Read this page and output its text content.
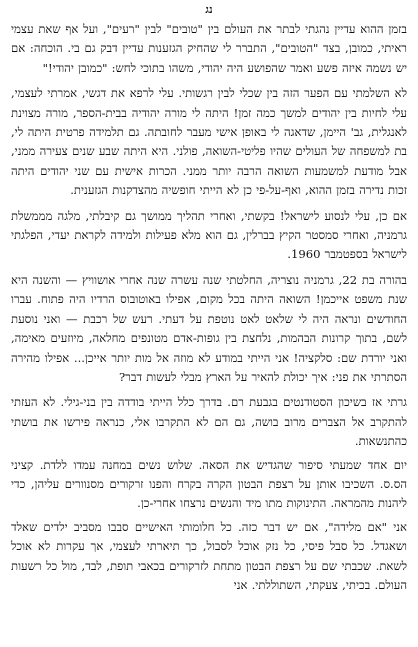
נג

בזמן ההוא עדיין נהגתי לבתר את העולם בין "טובים" לבין "רעים", ועל אף שאת עצמי ראיתי, כמובן, בצד "הטובים", התברר לי שהחיק הגזענות עדיין דבק גם בי. הוכחה: אם יש נשמה איזה פשע ואמר שהפושע היה יהודי, משהו בתוכי לחש: "כמובן יהודי!"

לא השלמתי עם הפער הזה בין שכלי לבין רגשותי. עלי לרפא את דגשי, אמרתי לעצמי, עלי לחיות בין יהודים למשך כמה זמן! היתה לי מורה יהודיה בבית-הספר, מורה מצוינת לאנגלית, גב' היימן, שדאגה לי באופן אישי מעבר לחובתה. גם תלמידה פרטית היתה לי, בת למשפחה של העולים שהיו פליטי-השואה, פולני. היא היתה שבע שנים צעירה ממני, אבל מודעת למשמעות השואה הרבה יותר ממני. הכרות אישית עם שני יהודים היתה זכות נדירה בזמן ההוא, ואף-על-פי כן לא הייתי חופשיה מהצדקנות הגזענית.

אם כן, עלי לנסוע לישראל! בקשתי, ואחרי תהליך ממושך גם קיבלתי, מלגה מממשלת גרמניה, ואחרי סמסטר הקיץ בברלין, גם הוא מלא פעילות ולמידה לקראת יעדי, הפלגתי לישראל בספטמבר 1960.

בהורה בת 22, גרמניה נוצריה, החלטתי שנה עשרה שנה אחרי אושוויץ — והשנה היא שנת משפט אייכמן! השואה היתה בכל מקום, אפילו באוטובוס הרדיו היה פתוח. עברו החודשים ונראה היה לי שלאט לאט נוטפת על דעתי. רעש של רכבת — ואני נוסעת לשם, בתוך קרונות הבהמות, נלחצת בין גופות-אדם מטונפים מחלאה, מיוזעים מאימה, ואני יורדת שם: סלקציה! אני הייתי במודע לא מוזה אל מות יותר אייכן... אפילו מהירה הסתרתי את פני: איך יכולת להאיר על הארץ מבלי לעשות דבר?

גרתי אז בשיכון הסטודנטים בגבעת רם. בדרך כלל הייתי בודדה בין בני-גילי. לא העזתי להתקרב אל הצברים מרוב בושה, גם הם לא התקרבו אלי, כנראה פירשו את בושתי כהתנשאות.

יום אחד שמעתי סיפור שהגדיש את הסאה. שלוש נשים במחנה עמדו ללדת. קציני הס.ס. השכיבו אותן על רצפת הבטון הקרה בקרח והפנו זרקורים מסנוורים עליהן, כדי ליהנות מהמראה. התינוקות מתו מיד והנשים נרצחו אחרי-כן.

אני "אם מלידה", אם יש דבר כזה. כל חלומותי האישיים סבבו מסביב ילדים שאלד ושאגדל. כל סבל פיסי, כל נזק אוכל לסבול, כך תיארתי לעצמי, אך עקרות לא אוכל לשאת. שכבתי שם על רצפת הבטון מתחת לזרקורים בכאבי תופת, לבד, מול כל רשעות העולם. בכיתי, צעקתי, השתוללתי. אני
